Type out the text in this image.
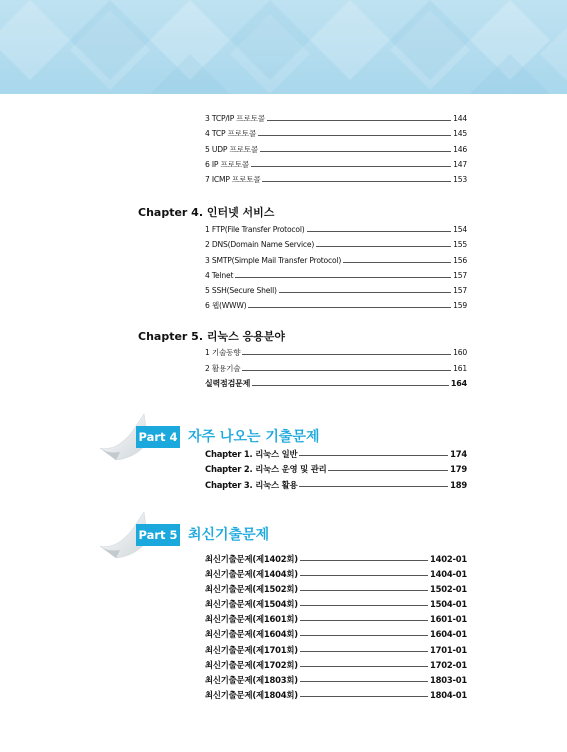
3 TCP/IP 프로토콜	144
4 TCP 프로토콜	145
5 UDP 프로토콜	146
6 IP 프로토콜	147
7 ICMP 프로토콜	153
Chapter 4. 인터넷 서비스
1 FTP(File Transfer Protocol)	154
2 DNS(Domain Name Service)	155
3 SMTP(Simple Mail Transfer Protocol)	156
4 Telnet	157
5 SSH(Secure Shell)	157
6 웹(WWW)	159
Chapter 5. 리눅스 응용분야
1 기술동향	160
2 활용기술	161
실력점검문제	164
Part 4 자주 나오는 기출문제
Chapter 1. 리눅스 일반	174
Chapter 2. 리눅스 운영 및 관리	179
Chapter 3. 리눅스 활용	189
Part 5 최신기출문제
최신기출문제(제1402회)	1402-01
최신기출문제(제1404회)	1404-01
최신기출문제(제1502회)	1502-01
최신기출문제(제1504회)	1504-01
최신기출문제(제1601회)	1601-01
최신기출문제(제1604회)	1604-01
최신기출문제(제1701회)	1701-01
최신기출문제(제1702회)	1702-01
최신기출문제(제1803회)	1803-01
최신기출문제(제1804회)	1804-01
